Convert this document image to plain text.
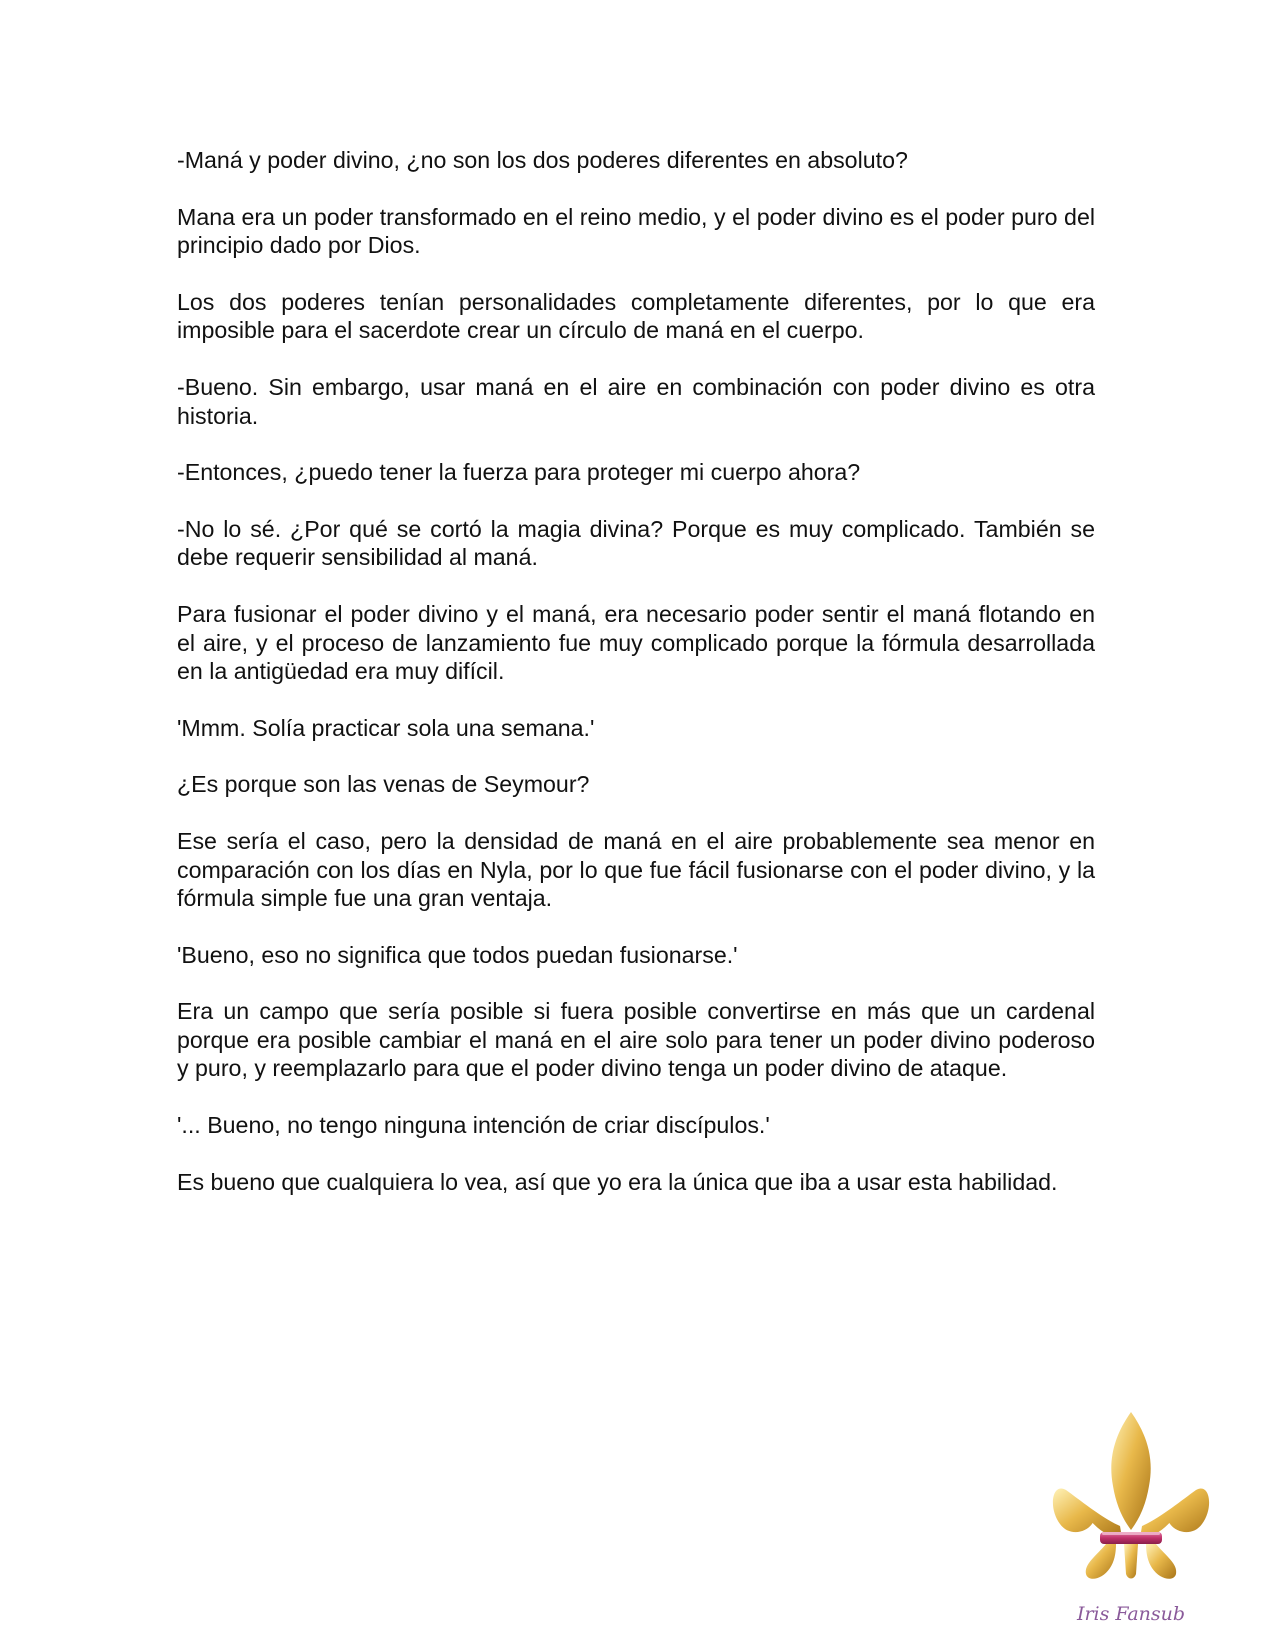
-Maná y poder divino, ¿no son los dos poderes diferentes en absoluto?

Mana era un poder transformado en el reino medio, y el poder divino es el poder puro del principio dado por Dios.

Los dos poderes tenían personalidades completamente diferentes, por lo que era imposible para el sacerdote crear un círculo de maná en el cuerpo.

-Bueno. Sin embargo, usar maná en el aire en combinación con poder divino es otra historia.

-Entonces, ¿puedo tener la fuerza para proteger mi cuerpo ahora?

-No lo sé. ¿Por qué se cortó la magia divina? Porque es muy complicado. También se debe requerir sensibilidad al maná.

Para fusionar el poder divino y el maná, era necesario poder sentir el maná flotando en el aire, y el proceso de lanzamiento fue muy complicado porque la fórmula desarrollada en la antigüedad era muy difícil.

'Mmm. Solía practicar sola una semana.'

¿Es porque son las venas de Seymour?

Ese sería el caso, pero la densidad de maná en el aire probablemente sea menor en comparación con los días en Nyla, por lo que fue fácil fusionarse con el poder divino, y la fórmula simple fue una gran ventaja.

'Bueno, eso no significa que todos puedan fusionarse.'

Era un campo que sería posible si fuera posible convertirse en más que un cardenal porque era posible cambiar el maná en el aire solo para tener un poder divino poderoso y puro, y reemplazarlo para que el poder divino tenga un poder divino de ataque.

'... Bueno, no tengo ninguna intención de criar discípulos.'

Es bueno que cualquiera lo vea, así que yo era la única que iba a usar esta habilidad.

Iris Fansub
